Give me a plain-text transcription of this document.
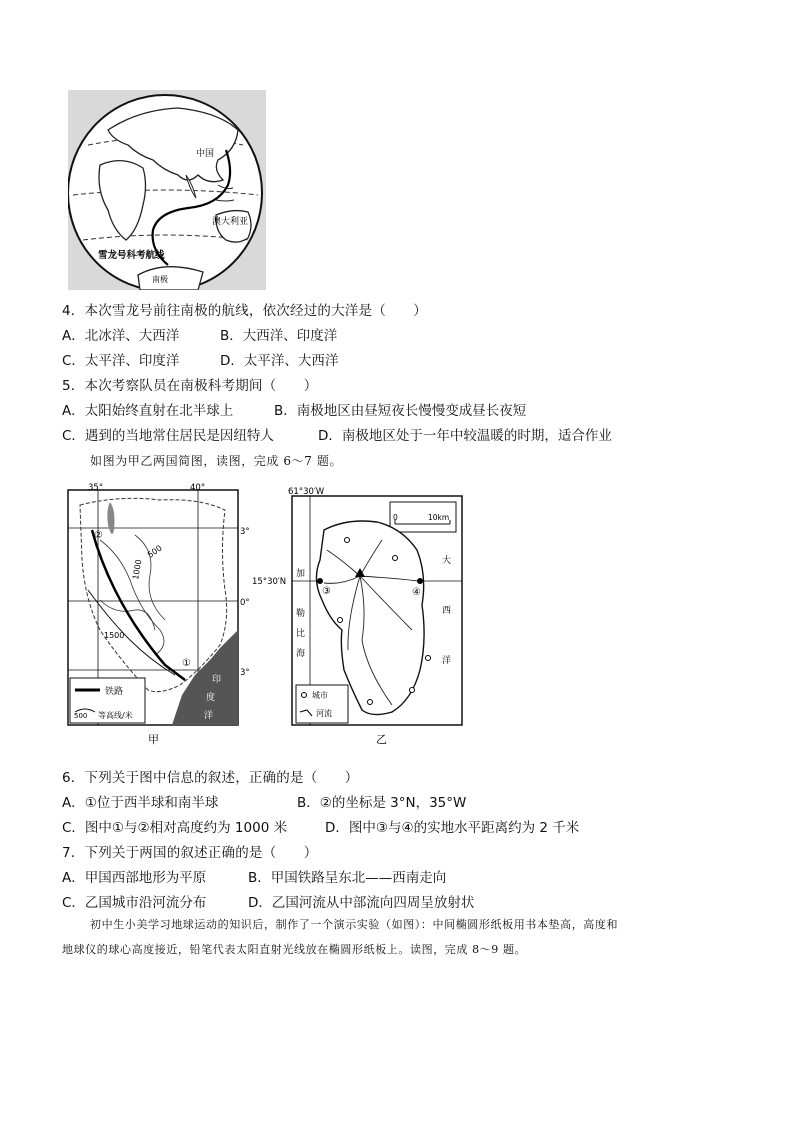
中国
澳大利亚
雪龙号科考航线
南极
4．本次雪龙号前往南极的航线，依次经过的大洋是（　　）
A．北冰洋、大西洋	B．大西洋、印度洋
C．太平洋、印度洋	D．太平洋、大西洋
5．本次考察队员在南极科考期间（　　）
A．太阳始终直射在北半球上	B．南极地区由昼短夜长慢慢变成昼长夜短
C．遇到的当地常住居民是因纽特人	D．南极地区处于一年中较温暖的时期，适合作业
如图为甲乙两国简图，读图，完成 6～7 题。
35°	40°
3°
0°
3°
②
①
500
1000
1500
印
度
洋
铁路
500 等高线/米
甲
61°30′W
15°30′N
0	10km
③	④
加
勒
比
海
大
西
洋
城市
河流
乙
6．下列关于图中信息的叙述，正确的是（　　）
A．①位于西半球和南半球	B．②的坐标是 3°N，35°W
C．图中①与②相对高度约为 1000 米	D．图中③与④的实地水平距离约为 2 千米
7．下列关于两国的叙述正确的是（　　）
A．甲国西部地形为平原	B．甲国铁路呈东北——西南走向
C．乙国城市沿河流分布	D．乙国河流从中部流向四周呈放射状
初中生小美学习地球运动的知识后，制作了一个演示实验（如图）：中间椭圆形纸板用书本垫高，高度和
地球仪的球心高度接近，铅笔代表太阳直射光线放在椭圆形纸板上。读图，完成 8～9 题。
